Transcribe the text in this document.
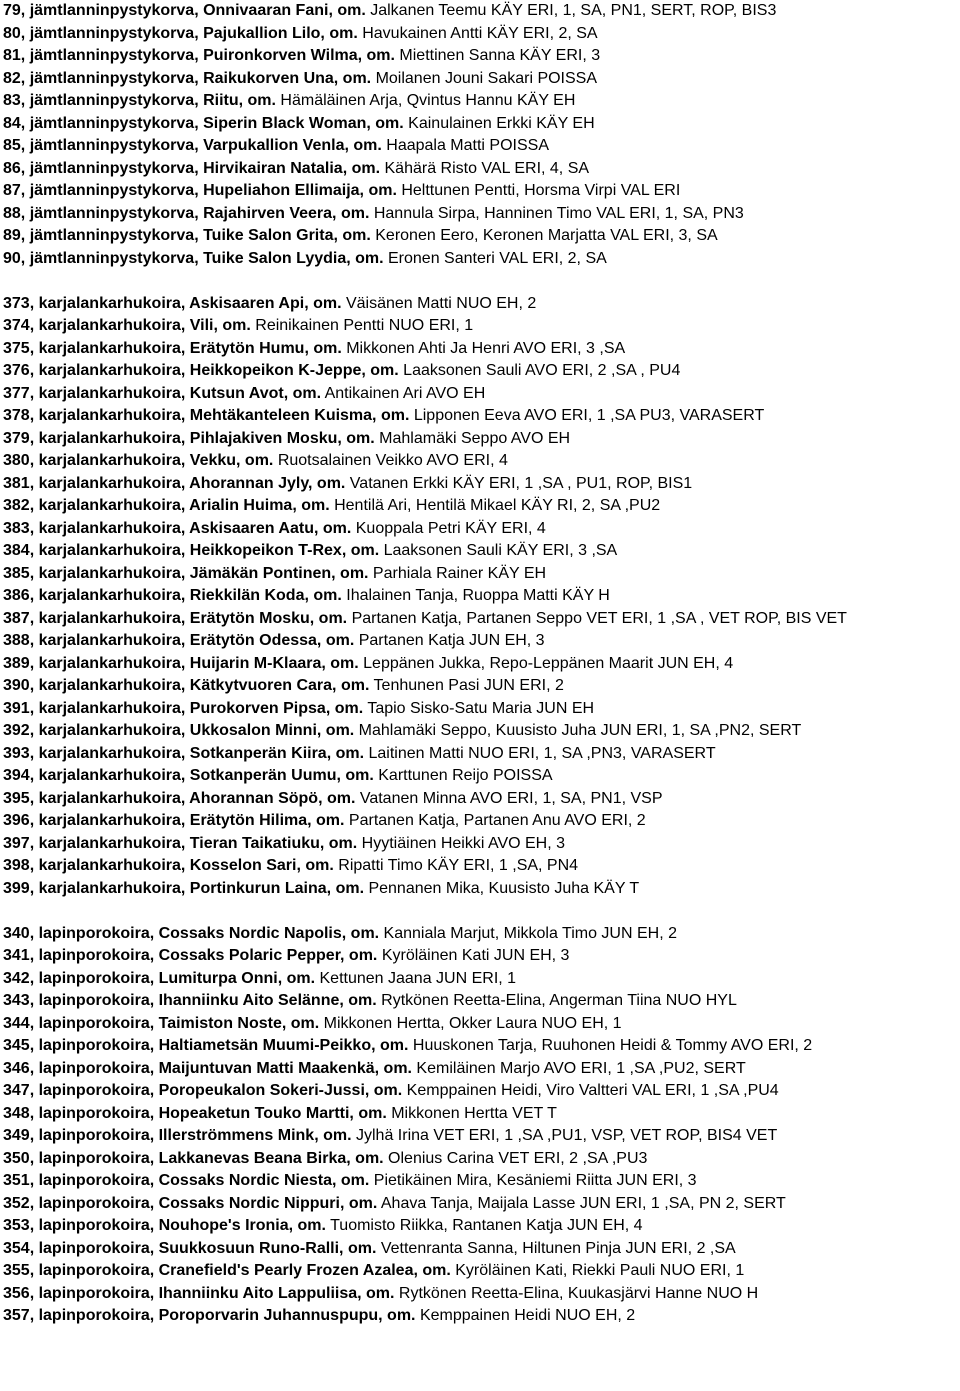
79, jämtlanninpystykorva, Onnivaaran Fani, om. Jalkanen Teemu KÄY ERI, 1, SA, PN1, SERT, ROP, BIS3
80, jämtlanninpystykorva, Pajukallion Lilo, om. Havukainen Antti KÄY ERI, 2, SA
81, jämtlanninpystykorva, Puironkorven Wilma, om. Miettinen Sanna KÄY ERI, 3
82, jämtlanninpystykorva, Raikukorven Una, om. Moilanen Jouni Sakari POISSA
83, jämtlanninpystykorva, Riitu, om. Hämäläinen Arja, Qvintus Hannu KÄY EH
84, jämtlanninpystykorva, Siperin Black Woman, om. Kainulainen Erkki KÄY EH
85, jämtlanninpystykorva, Varpukallion Venla, om. Haapala Matti POISSA
86, jämtlanninpystykorva, Hirvikairan Natalia, om. Kähärä Risto VAL ERI, 4, SA
87, jämtlanninpystykorva, Hupeliahon Ellimaija, om. Helttunen Pentti, Horsma Virpi VAL ERI
88, jämtlanninpystykorva, Rajahirven Veera, om. Hannula Sirpa, Hanninen Timo VAL ERI, 1, SA, PN3
89, jämtlanninpystykorva, Tuike Salon Grita, om. Keronen Eero, Keronen Marjatta VAL ERI, 3, SA
90, jämtlanninpystykorva, Tuike Salon Lyydia, om. Eronen Santeri VAL ERI, 2, SA
373, karjalankarhukoira, Askisaaren Api, om. Väisänen Matti NUO EH, 2
374, karjalankarhukoira, Vili, om. Reinikainen Pentti NUO ERI, 1
375, karjalankarhukoira, Erätytön Humu, om. Mikkonen Ahti Ja Henri AVO ERI, 3 ,SA
376, karjalankarhukoira, Heikkopeikon K-Jeppe, om. Laaksonen Sauli AVO ERI, 2 ,SA , PU4
377, karjalankarhukoira, Kutsun Avot, om. Antikainen Ari AVO EH
378, karjalankarhukoira, Mehtäkanteleen Kuisma, om. Lipponen Eeva AVO ERI, 1 ,SA PU3, VARASERT
379, karjalankarhukoira, Pihlajakiven Mosku, om. Mahlamäki Seppo AVO EH
380, karjalankarhukoira, Vekku, om. Ruotsalainen Veikko AVO ERI, 4
381, karjalankarhukoira, Ahorannan Jyly, om. Vatanen Erkki KÄY ERI, 1 ,SA , PU1, ROP, BIS1
382, karjalankarhukoira, Arialin Huima, om. Hentilä Ari, Hentilä Mikael KÄY RI, 2, SA ,PU2
383, karjalankarhukoira, Askisaaren Aatu, om. Kuoppala Petri KÄY ERI, 4
384, karjalankarhukoira, Heikkopeikon T-Rex, om. Laaksonen Sauli KÄY ERI, 3 ,SA
385, karjalankarhukoira, Jämäkän Pontinen, om. Parhiala Rainer KÄY EH
386, karjalankarhukoira, Riekkilän Koda, om. Ihalainen Tanja, Ruoppa Matti KÄY H
387, karjalankarhukoira, Erätytön Mosku, om. Partanen Katja, Partanen Seppo VET ERI, 1 ,SA , VET ROP, BIS VET
388, karjalankarhukoira, Erätytön Odessa, om. Partanen Katja JUN EH, 3
389, karjalankarhukoira, Huijarin M-Klaara, om. Leppänen Jukka, Repo-Leppänen Maarit JUN EH, 4
390, karjalankarhukoira, Kätkytvuoren Cara, om. Tenhunen Pasi JUN ERI, 2
391, karjalankarhukoira, Purokorven Pipsa, om. Tapio Sisko-Satu Maria JUN EH
392, karjalankarhukoira, Ukkosalon Minni, om. Mahlamäki Seppo, Kuusisto Juha JUN ERI, 1, SA ,PN2, SERT
393, karjalankarhukoira, Sotkanperän Kiira, om. Laitinen Matti NUO ERI, 1, SA ,PN3, VARASERT
394, karjalankarhukoira, Sotkanperän Uumu, om. Karttunen Reijo POISSA
395, karjalankarhukoira, Ahorannan Söpö, om. Vatanen Minna AVO ERI, 1, SA, PN1, VSP
396, karjalankarhukoira, Erätytön Hilima, om. Partanen Katja, Partanen Anu AVO ERI, 2
397, karjalankarhukoira, Tieran Taikatiuku, om. Hyytiäinen Heikki AVO EH, 3
398, karjalankarhukoira, Kosselon Sari, om. Ripatti Timo KÄY ERI, 1 ,SA, PN4
399, karjalankarhukoira, Portinkurun Laina, om. Pennanen Mika, Kuusisto Juha KÄY T
340, lapinporokoira, Cossaks Nordic Napolis, om. Kanniala Marjut, Mikkola Timo JUN EH, 2
341, lapinporokoira, Cossaks Polaric Pepper, om. Kyröläinen Kati JUN EH, 3
342, lapinporokoira, Lumiturpa Onni, om. Kettunen Jaana JUN ERI, 1
343, lapinporokoira, Ihanniinku Aito Selänne, om. Rytkönen Reetta-Elina, Angerman Tiina NUO HYL
344, lapinporokoira, Taimiston Noste, om. Mikkonen Hertta, Okker Laura NUO EH, 1
345, lapinporokoira, Haltiametsän Muumi-Peikko, om. Huuskonen Tarja, Ruuhonen Heidi & Tommy AVO ERI, 2
346, lapinporokoira, Maijuntuvan Matti Maakenkä, om. Kemiläinen Marjo AVO ERI, 1 ,SA ,PU2, SERT
347, lapinporokoira, Poropeukalon Sokeri-Jussi, om. Kemppainen Heidi, Viro Valtteri VAL ERI, 1 ,SA ,PU4
348, lapinporokoira, Hopeaketun Touko Martti, om. Mikkonen Hertta VET T
349, lapinporokoira, Illerströmmens Mink, om. Jylhä Irina VET ERI, 1 ,SA ,PU1, VSP, VET ROP, BIS4 VET
350, lapinporokoira, Lakkanevas Beana Birka, om. Olenius Carina VET ERI, 2 ,SA ,PU3
351, lapinporokoira, Cossaks Nordic Niesta, om. Pietikäinen Mira, Kesäniemi Riitta JUN ERI, 3
352, lapinporokoira, Cossaks Nordic Nippuri, om. Ahava Tanja, Maijala Lasse JUN ERI, 1 ,SA, PN 2, SERT
353, lapinporokoira, Nouhope's Ironia, om. Tuomisto Riikka, Rantanen Katja JUN EH, 4
354, lapinporokoira, Suukkosuun Runo-Ralli, om. Vettenranta Sanna, Hiltunen Pinja JUN ERI, 2 ,SA
355, lapinporokoira, Cranefield's Pearly Frozen Azalea, om. Kyröläinen Kati, Riekki Pauli NUO ERI, 1
356, lapinporokoira, Ihanniinku Aito Lappuliisa, om. Rytkönen Reetta-Elina, Kuukasjärvi Hanne NUO H
357, lapinporokoira, Poroporvarin Juhannuspupu, om. Kemppainen Heidi NUO EH, 2
